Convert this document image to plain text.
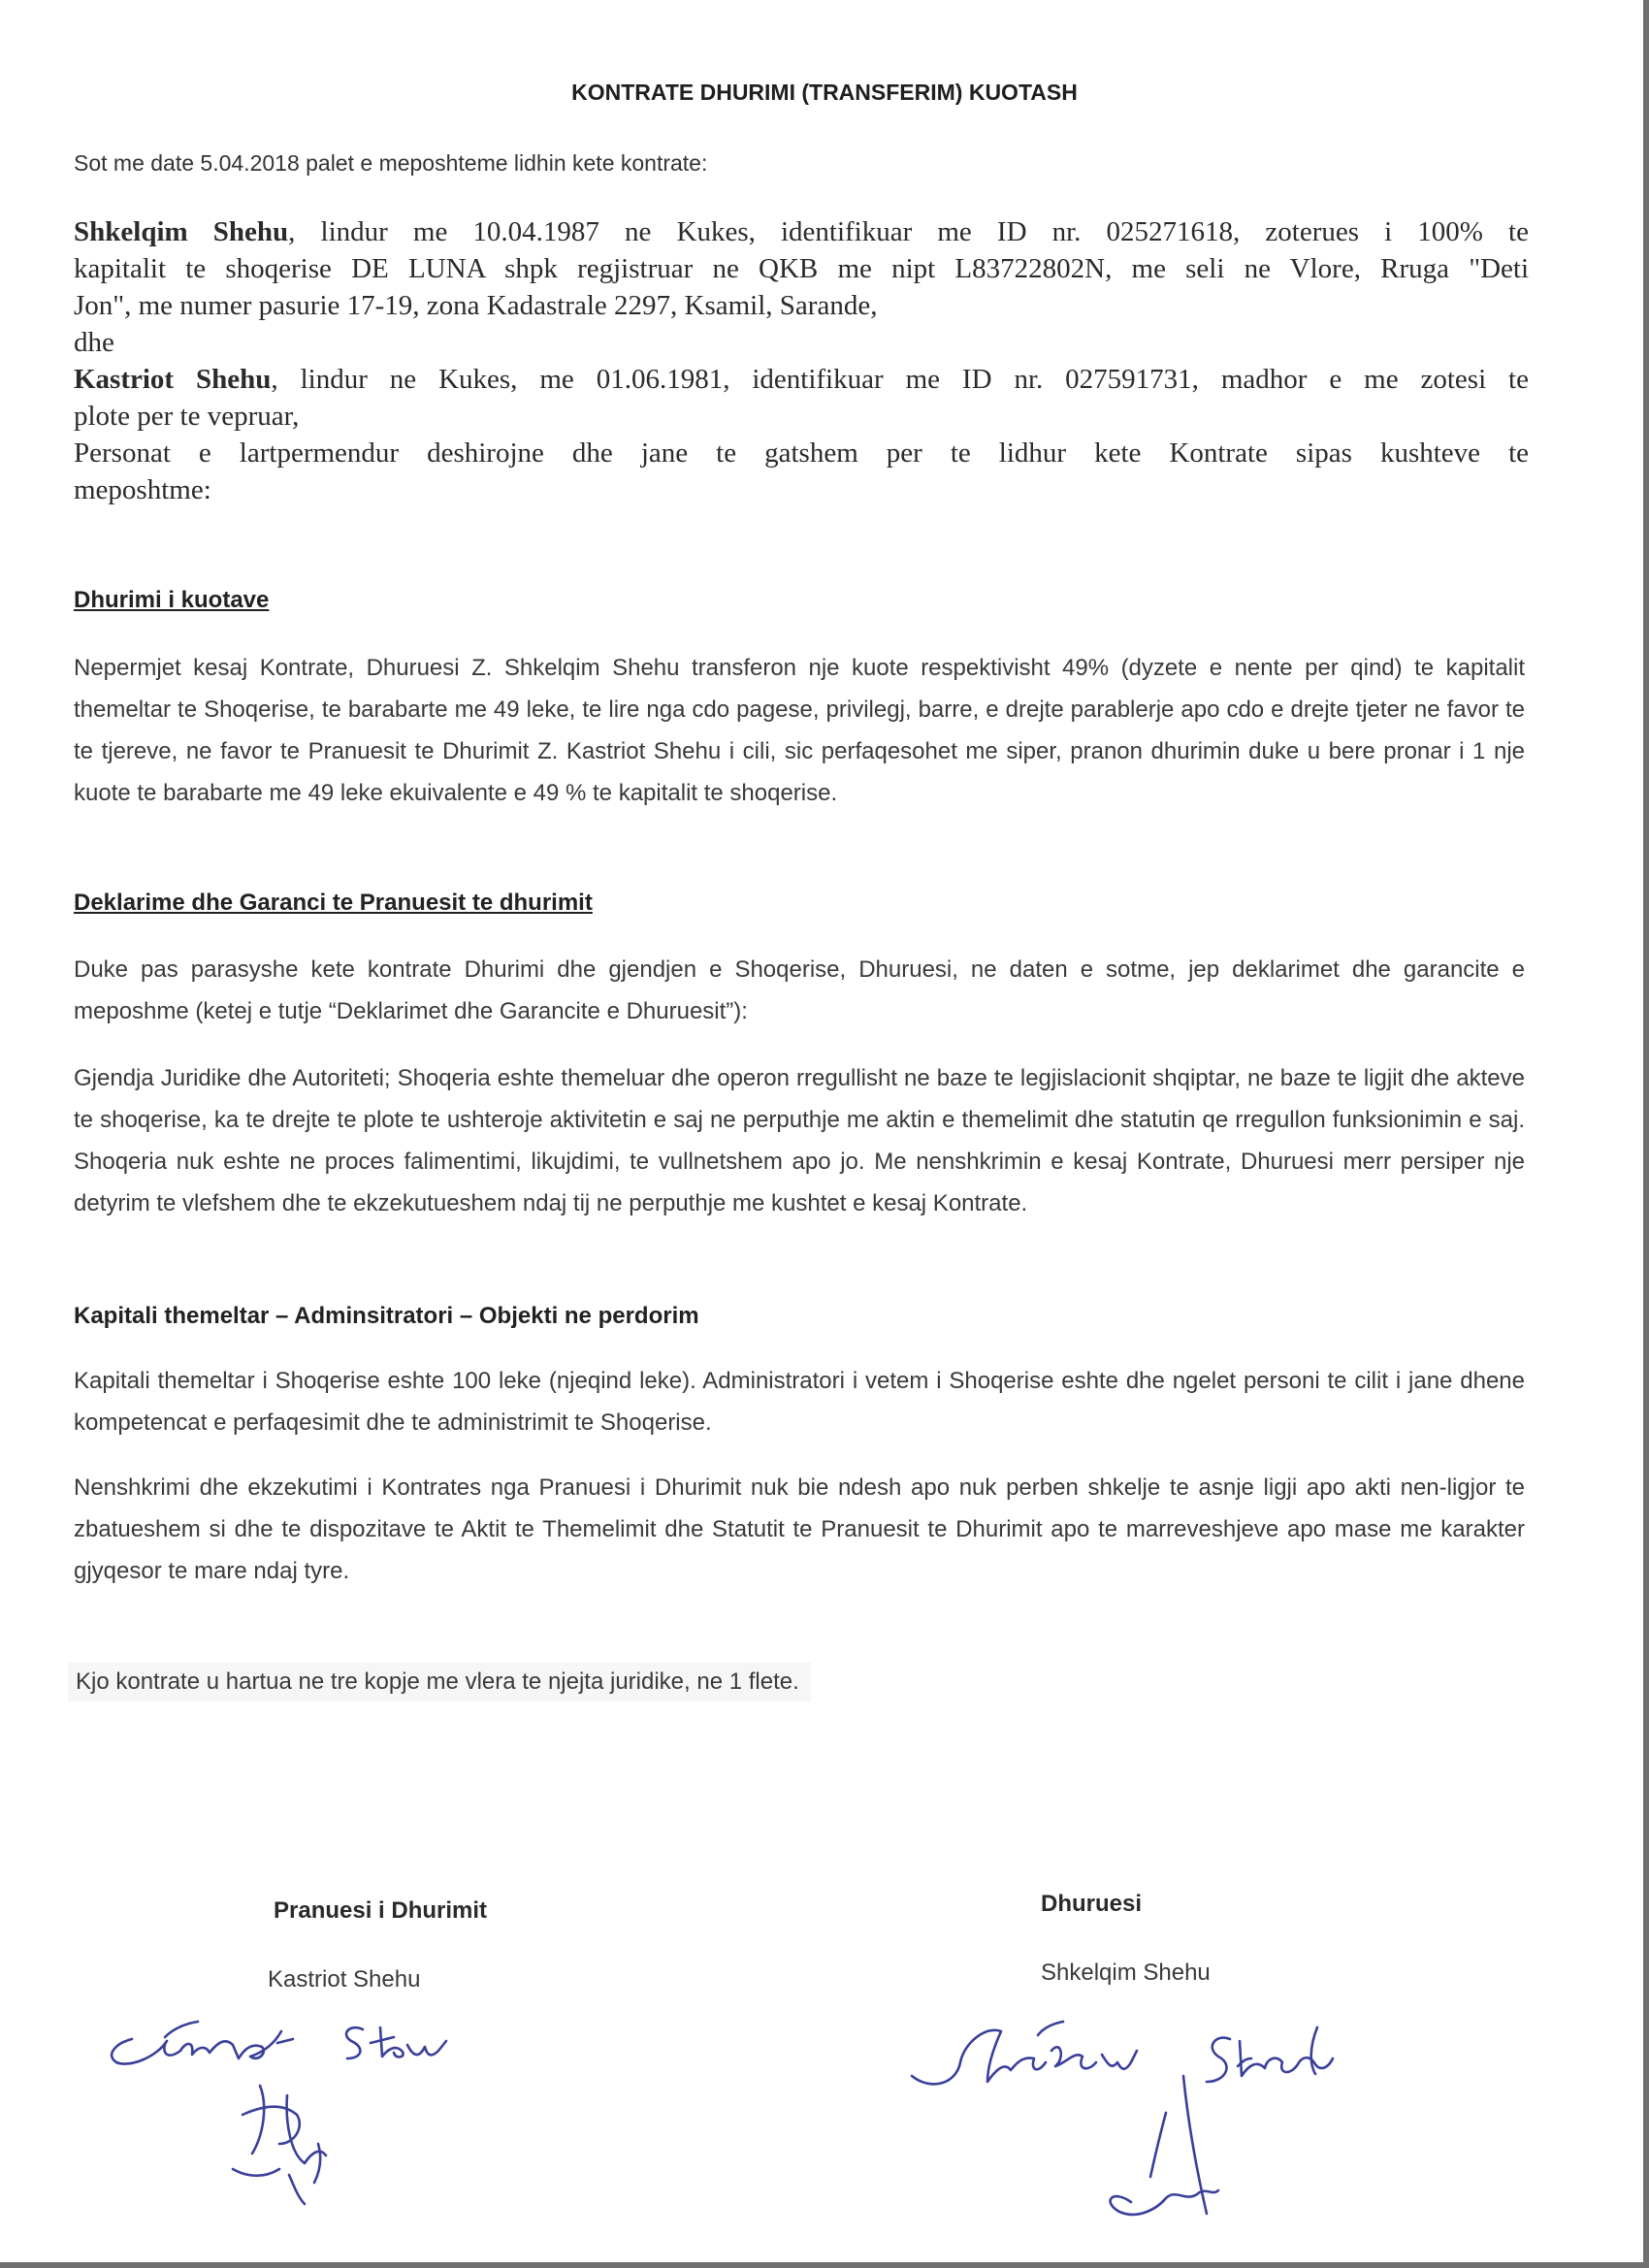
KONTRATE DHURIMI (TRANSFERIM) KUOTASH
Sot me date 5.04.2018 palet e meposhteme lidhin kete kontrate:

Shkelqim Shehu, lindur me 10.04.1987 ne Kukes, identifikuar me ID nr. 025271618, zoterues i 100% te

kapitalit te shoqerise DE LUNA shpk regjistruar ne QKB me nipt L83722802N, me seli ne Vlore, Rruga "Deti

Jon", me numer pasurie 17-19, zona Kadastrale 2297, Ksamil, Sarande,

dhe

Kastriot Shehu, lindur ne Kukes, me 01.06.1981, identifikuar me ID nr. 027591731, madhor e me zotesi te

plote per te vepruar,

Personat e lartpermendur deshirojne dhe jane te gatshem per te lidhur kete Kontrate sipas kushteve te

meposhtme:

Dhurimi i kuotave

Nepermjet kesaj Kontrate, Dhuruesi Z. Shkelqim Shehu transferon nje kuote respektivisht 49% (dyzete e nente per qind) te kapitalit themeltar te Shoqerise, te barabarte me 49 leke, te lire nga cdo pagese, privilegj, barre, e drejte parablerje apo cdo e drejte tjeter ne favor te te tjereve, ne favor te Pranuesit te Dhurimit Z. Kastriot Shehu i cili, sic perfaqesohet me siper, pranon dhurimin duke u bere pronar i 1 nje kuote te barabarte me 49 leke ekuivalente e 49 % te kapitalit te shoqerise.

Deklarime dhe Garanci te Pranuesit te dhurimit

Duke pas parasyshe kete kontrate Dhurimi dhe gjendjen e Shoqerise, Dhuruesi, ne daten e sotme, jep deklarimet dhe garancite e meposhme (ketej e tutje “Deklarimet dhe Garancite e Dhuruesit”):

Gjendja Juridike dhe Autoriteti; Shoqeria eshte themeluar dhe operon rregullisht ne baze te legjislacionit shqiptar, ne baze te ligjit dhe akteve te shoqerise, ka te drejte te plote te ushteroje aktivitetin e saj ne perputhje me aktin e themelimit dhe statutin qe rregullon funksionimin e saj. Shoqeria nuk eshte ne proces falimentimi, likujdimi, te vullnetshem apo jo. Me nenshkrimin e kesaj Kontrate, Dhuruesi merr persiper nje detyrim te vlefshem dhe te ekzekutueshem ndaj tij ne perputhje me kushtet e kesaj Kontrate.

Kapitali themeltar – Adminsitratori – Objekti ne perdorim

Kapitali themeltar i Shoqerise eshte 100 leke (njeqind leke). Administratori i vetem i Shoqerise eshte dhe ngelet personi te cilit i jane dhene kompetencat e perfaqesimit dhe te administrimit te Shoqerise.

Nenshkrimi dhe ekzekutimi i Kontrates nga Pranuesi i Dhurimit nuk bie ndesh apo nuk perben shkelje te asnje ligji apo akti nen-ligjor te zbatueshem si dhe te dispozitave te Aktit te Themelimit dhe Statutit te Pranuesit te Dhurimit apo te marreveshjeve apo mase me karakter gjyqesor te mare ndaj tyre.

Kjo kontrate u hartua ne tre kopje me vlera te njejta juridike, ne 1 flete.
Pranuesi i Dhurimit
Kastriot Shehu
Dhuruesi
Shkelqim Shehu
